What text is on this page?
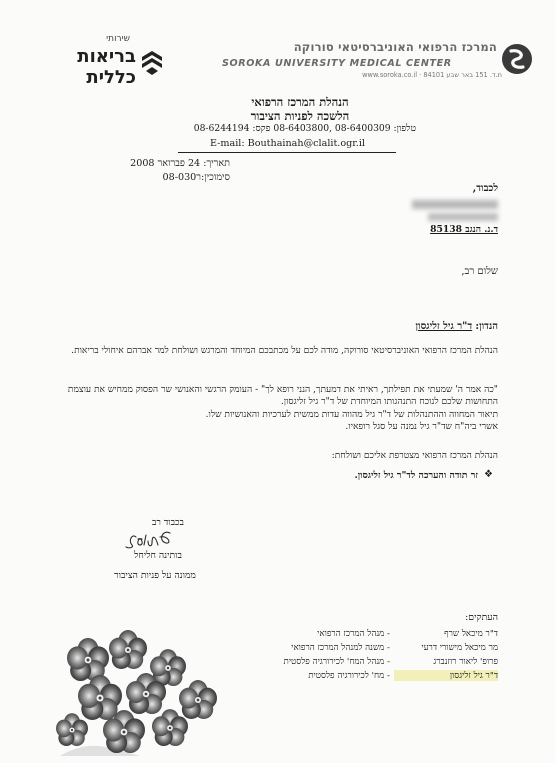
שירותי
בריאות כללית
המרכז הרפואי האוניברסיטאי סורוקה
SOROKA UNIVERSITY MEDICAL CENTER
ת.ד. 151 באר שבע 84101 · www.soroka.co.il
הנהלת המרכז הרפואי
הלשכה לפניות הציבור
טלפון: 08-6400309 ,08-6403800 פקס: 08-6244194
E-mail: Bouthainah@clalit.ogr.il
תאריך: 24 פברואר 2008
סימוכין:ר08-030
לכבוד,
ד.נ. הנגב 85138
שלום רב,
הנדון: ד"ר גיל זליגסון
הנהלת המרכז הרפואי האוניברסיטאי סורוקה, מודה לכם על מכתבכם המיוחד והמרגש ושולחת למר אברהם איחולי בריאות.
"כה אמר ה' שמעתי את תפילתך, ראיתי את דמעתך, הנני רופא לך" - העומק הרגשי והאנושי שר הפסוק ממחיש את עוצמת התחושות שלכם לנוכח התנהגותו המיוחדת של ד"ר גיל זליגסון.
תיאור המחווה וההתנהלות של ד"ר גיל מהווה עדות ממשית לערכיות והאנושיות שלו.
אשרי ביה"ח שד"ר גיל נמנה על סגל רופאיו.
הנהלת המרכז הרפואי מצטרפת אליכם ושולחת:
❖
זר תודה והערכה לד"ר גיל זליגסון.
בכבוד רב
בותינה חליחל
ממונה על פניות הציבור
העתקים:
ד"ר מיכאל שרף
- מנהל המרכז הרפואי
מר מיכאל מישורי דרעי
- משנה למנהל המרכז הרפואי
פרופ' ליאור רוזנברג
- מנהל המח' לכירורגיה פלסטית
ד"ר גיל זליגסון
- מח' לכירורגיה פלסטית
